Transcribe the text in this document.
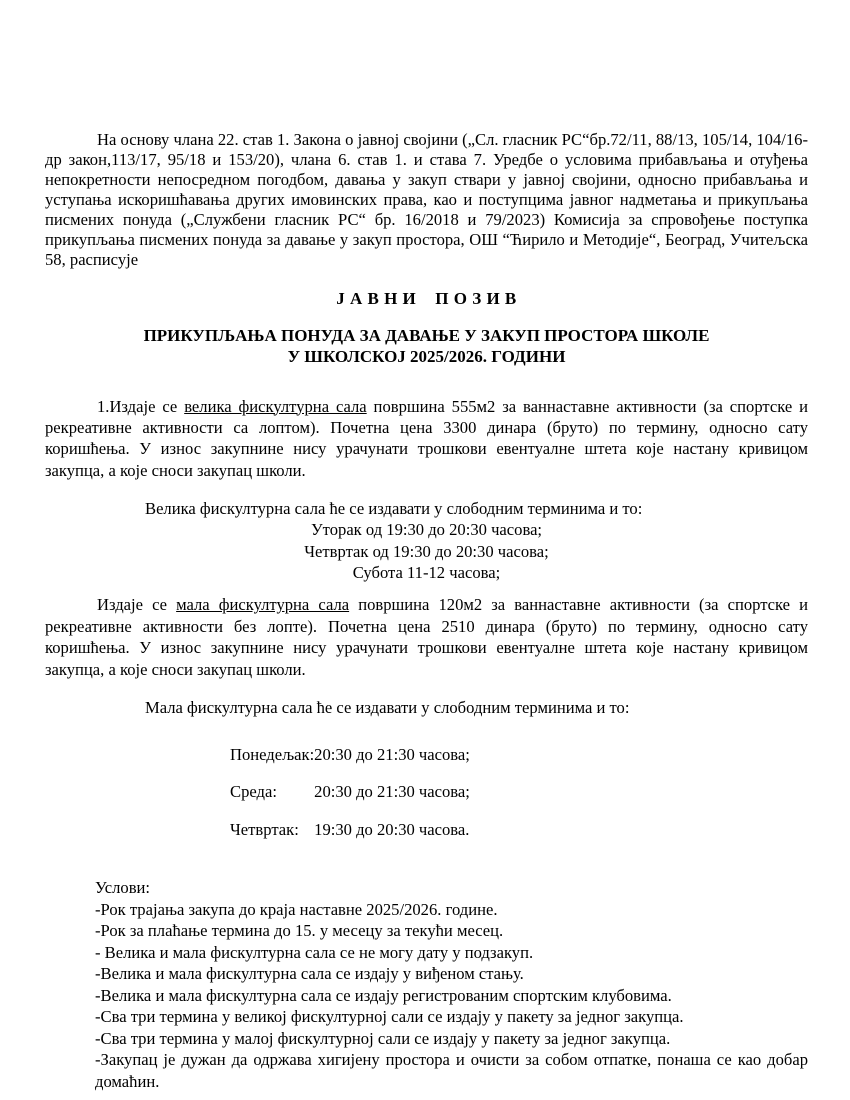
На основу члана 22. став 1. Закона о јавној својини („Сл. гласник РС“бр.72/11, 88/13, 105/14, 104/16-др закон,113/17, 95/18 и 153/20), члана 6. став 1. и става 7. Уредбе о условима прибављања и отуђења непокретности непосредном погодбом, давања у закуп ствари у јавној својини, односно прибављања и уступања искоришћавања других имовинских права, као и поступцима јавног надметања и прикупљања писмених понуда („Службени гласник РС“ бр. 16/2018 и 79/2023) Комисија за спровођење поступка прикупљања писмених понуда за давање у закуп простора, ОШ “Ћирило и Методије“, Београд, Учитељска 58, расписује

Ј А В Н И    П О З И В
ПРИКУПЉАЊА ПОНУДА ЗА ДАВАЊЕ У ЗАКУП ПРОСТОРА ШКОЛЕ
У ШКОЛСКОЈ 2025/2026. ГОДИНИ

1.Издаје се велика фискултурна сала површина 555м2 за ваннаставне активности (за спортске и рекреативне активности са лоптом). Почетна цена 3300 динара (бруто) по термину, односно сату коришћења. У износ закупнине нису урачунати трошкови евентуалне штета које настану кривицом закупца, а које сноси закупац школи.

Велика фискултурна сала ће се издавати у слободним терминима и то:
Уторак од 19:30 до 20:30 часова;
Четвртак од 19:30 до 20:30 часова;
Субота 11-12 часова;

Издаје се мала фискултурна сала површина 120м2 за ваннаставне активности (за спортске и рекреативне активности без лопте). Почетна цена 2510 динара (бруто) по термину, односно сату коришћења. У износ закупнине нису урачунати трошкови евентуалне штета које настану кривицом закупца, а које сноси закупац школи.

Мала фискултурна сала ће се издавати у слободним терминима и то:
Понедељак: 20:30 до 21:30 часова;
Среда: 20:30 до 21:30 часова;
Четвртак: 19:30 до 20:30 часова.
Услови:
-Рок трајања закупа до краја наставне 2025/2026. године.
-Рок за плаћање термина до 15. у месецу за текући месец.
- Велика и мала фискултурна сала се не могу дату у подзакуп.
-Велика и мала фискултурна сала се издају у виђеном стању.
-Велика и мала фискултурна сала се издају регистрованим спортским клубовима.
-Сва три термина у великој фискултурној сали се издају у пакету за једног закупца.
-Сва три термина у малој фискултурној сали се издају у пакету за једног закупца.
-Закупац је дужан да одржава хигијену простора и очисти за собом отпатке, понаша се као добар домаћин.
